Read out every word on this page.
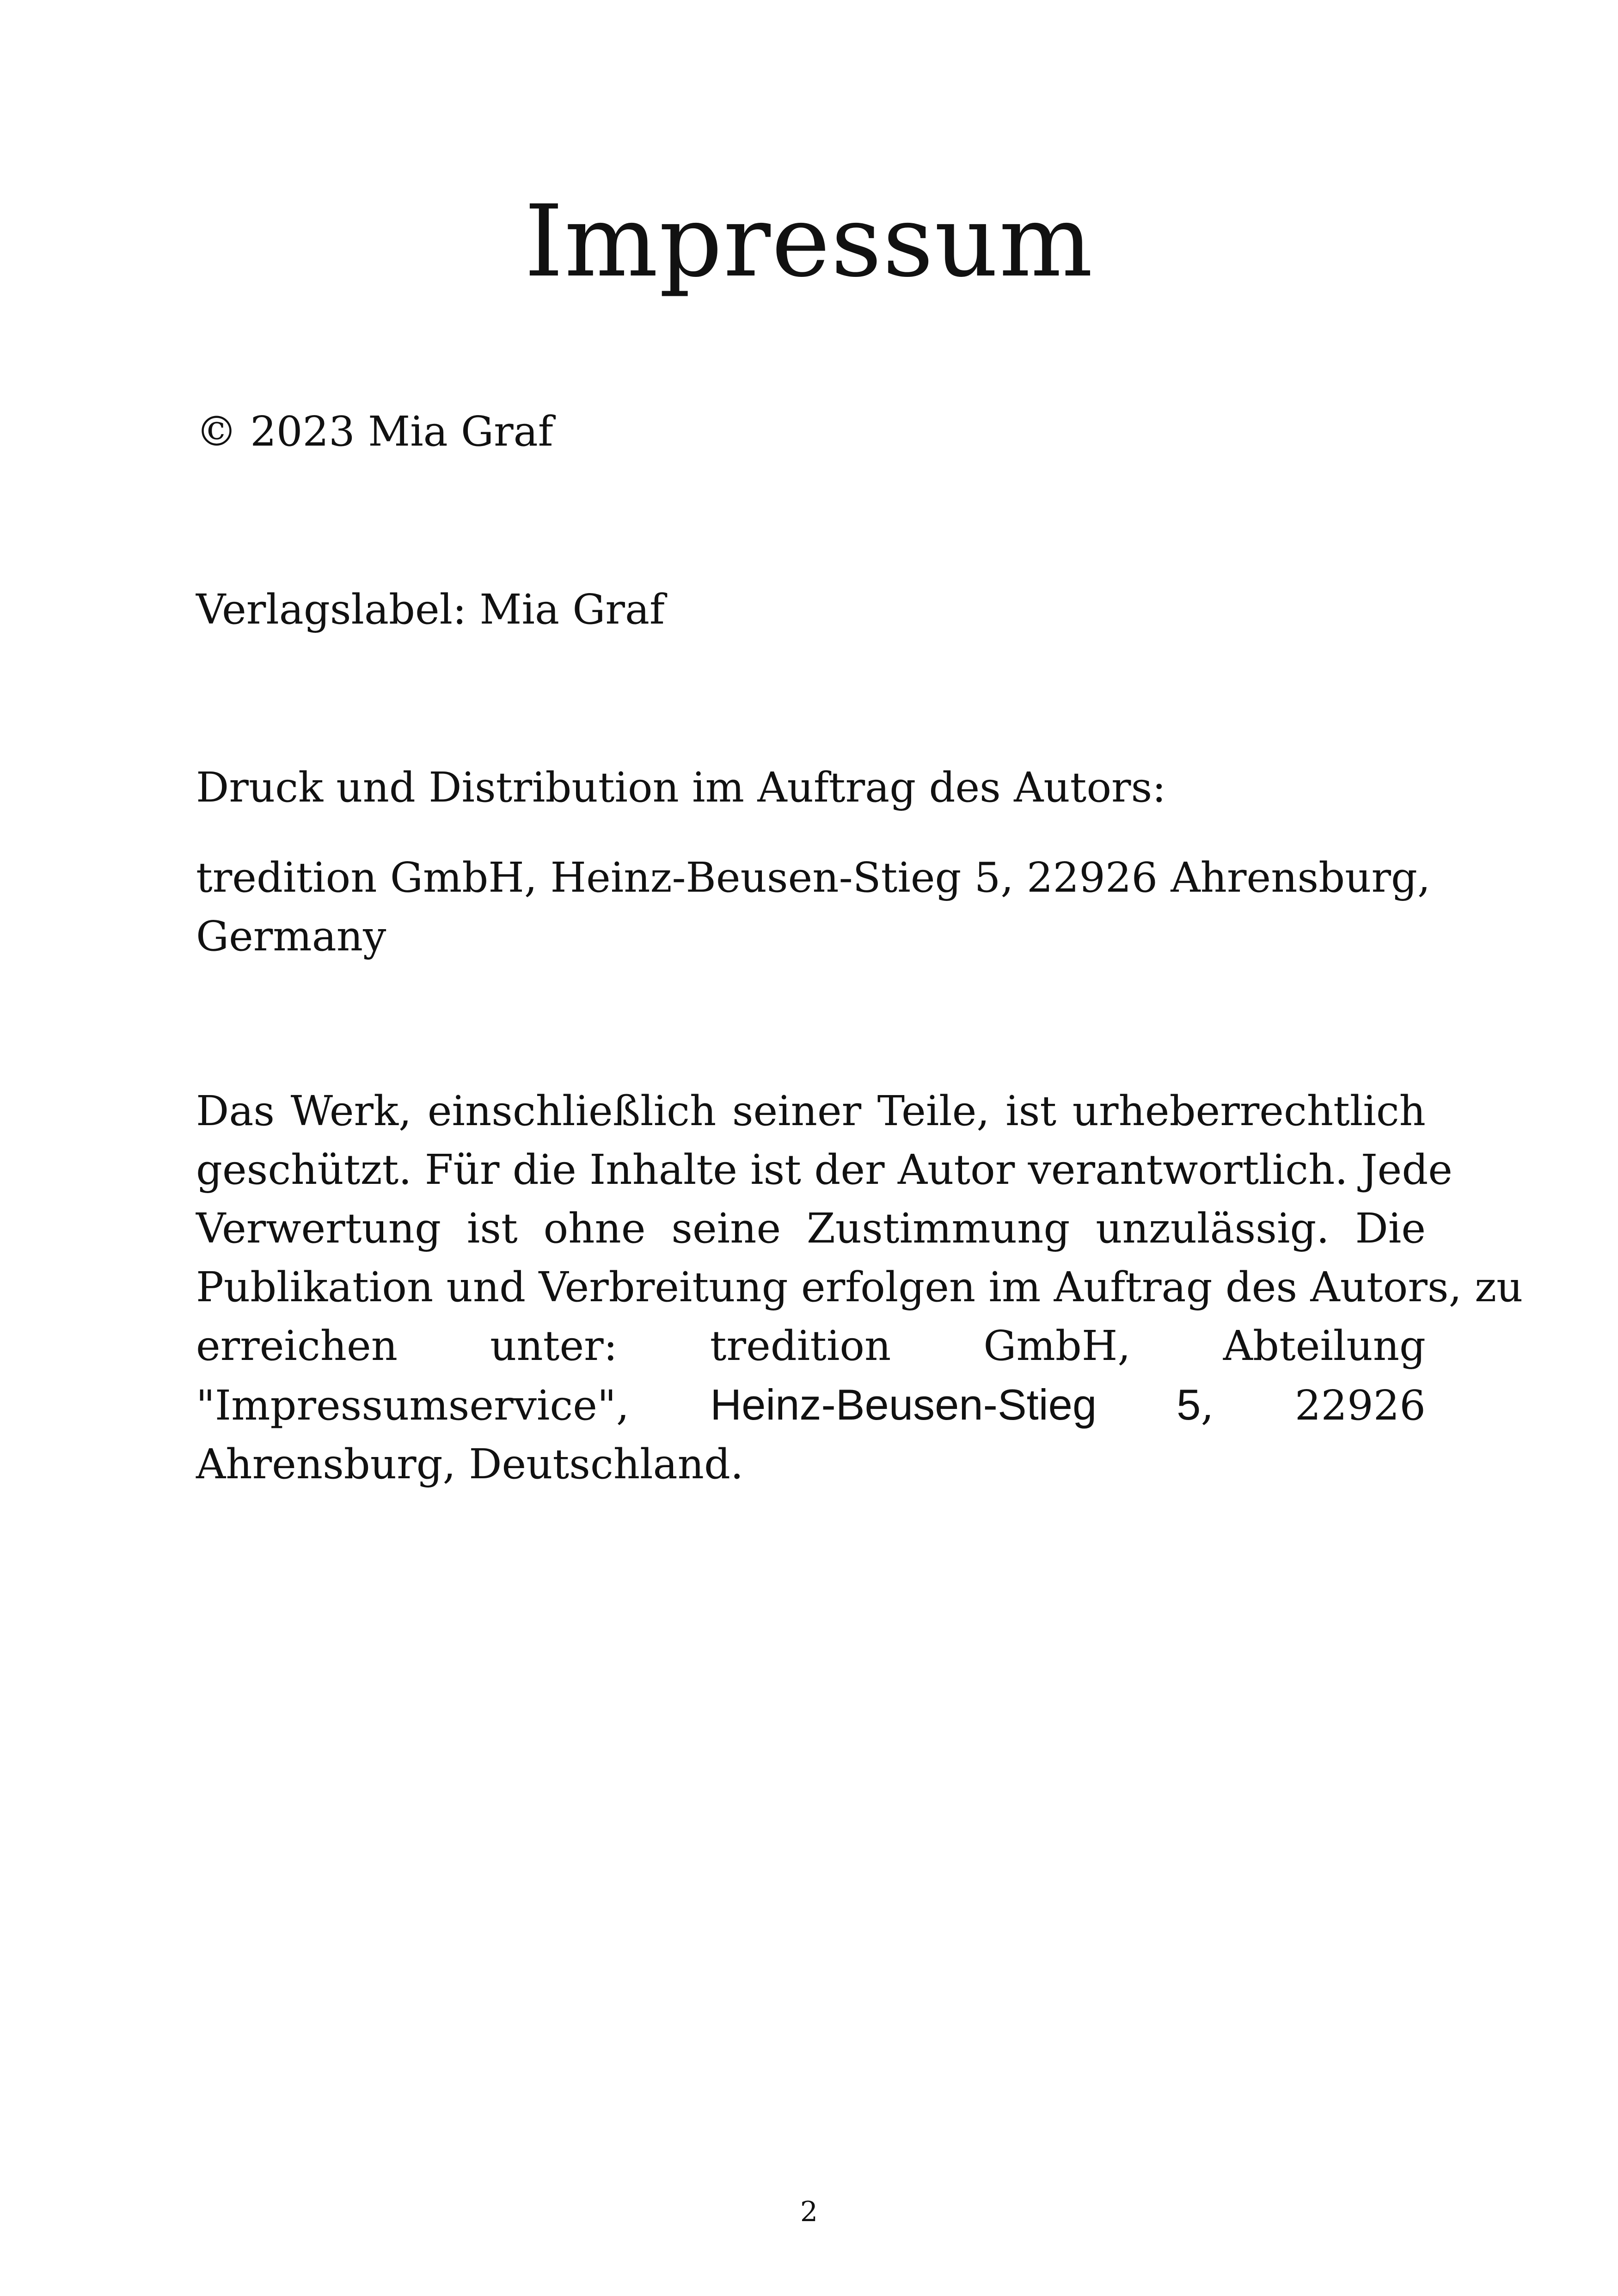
Impressum
© 2023 Mia Graf
Verlagslabel: Mia Graf
Druck und Distribution im Auftrag des Autors:
tredition GmbH, Heinz-Beusen-Stieg 5, 22926 Ahrensburg,
Germany
Das Werk, einschließlich seiner Teile, ist urheberrechtlich
geschützt. Für die Inhalte ist der Autor verantwortlich. Jede
Verwertung ist ohne seine Zustimmung unzulässig. Die
Publikation und Verbreitung erfolgen im Auftrag des Autors, zu
erreichen unter: tredition GmbH, Abteilung
"Impressumservice", Heinz-Beusen-Stieg 5, 22926
Ahrensburg, Deutschland.
2
